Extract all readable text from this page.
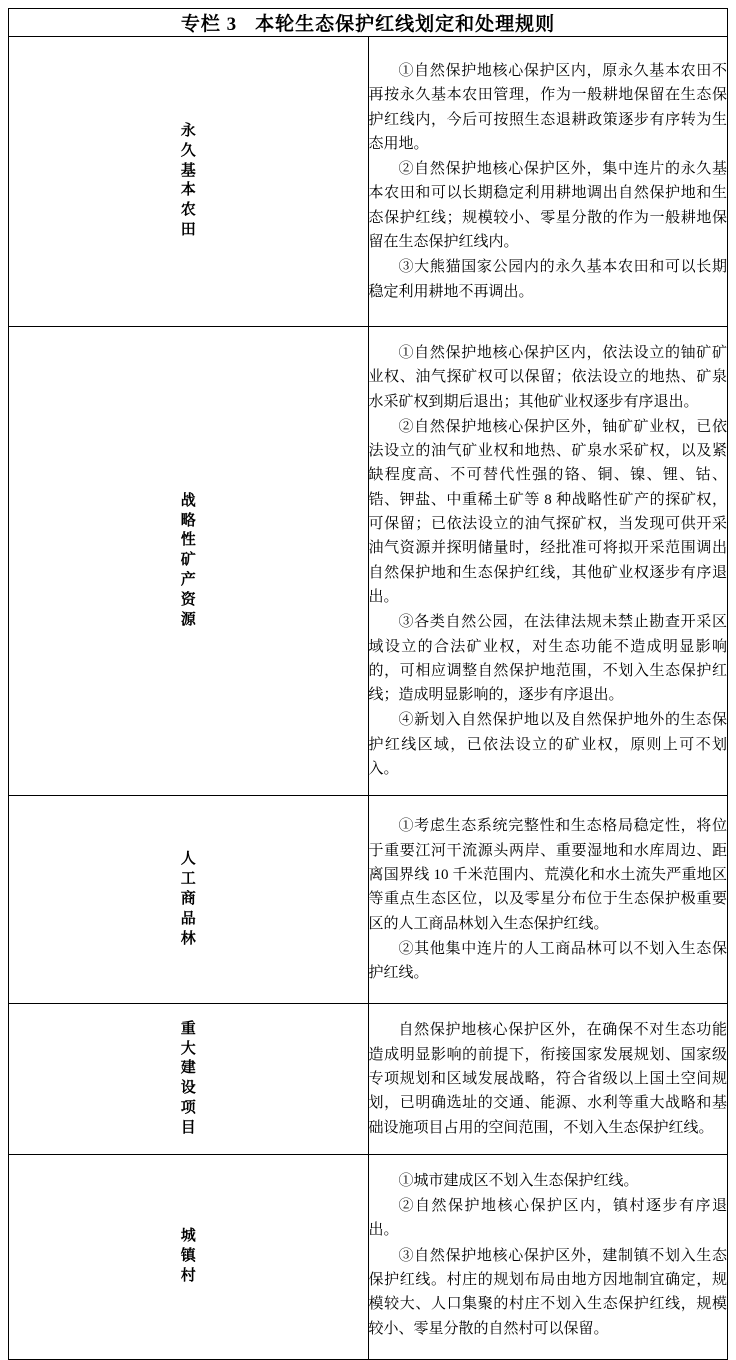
专栏 3 本轮生态保护红线划定和处理规则	
永久基本农田	①自然保护地核心保护区内，原永久基本农田不再按永久基本农田管理，作为一般耕地保留在生态保护红线内，今后可按照生态退耕政策逐步有序转为生态用地。

②自然保护地核心保护区外，集中连片的永久基本农田和可以长期稳定利用耕地调出自然保护地和生态保护红线；规模较小、零星分散的作为一般耕地保留在生态保护红线内。

③大熊猫国家公园内的永久基本农田和可以长期稳定利用耕地不再调出。

战略性矿产资源	①自然保护地核心保护区内，依法设立的铀矿矿业权、油气探矿权可以保留；依法设立的地热、矿泉水采矿权到期后退出；其他矿业权逐步有序退出。

②自然保护地核心保护区外，铀矿矿业权，已依法设立的油气矿业权和地热、矿泉水采矿权，以及紧缺程度高、不可替代性强的铬、铜、镍、锂、钴、锆、钾盐、中重稀土矿等 8 种战略性矿产的探矿权，可保留；已依法设立的油气探矿权，当发现可供开采油气资源并探明储量时，经批准可将拟开采范围调出自然保护地和生态保护红线，其他矿业权逐步有序退出。

③各类自然公园，在法律法规未禁止勘查开采区域设立的合法矿业权，对生态功能不造成明显影响的，可相应调整自然保护地范围，不划入生态保护红线；造成明显影响的，逐步有序退出。

④新划入自然保护地以及自然保护地外的生态保护红线区域，已依法设立的矿业权，原则上可不划入。

人工商品林	①考虑生态系统完整性和生态格局稳定性，将位于重要江河干流源头两岸、重要湿地和水库周边、距离国界线 10 千米范围内、荒漠化和水土流失严重地区等重点生态区位，以及零星分布位于生态保护极重要区的人工商品林划入生态保护红线。

②其他集中连片的人工商品林可以不划入生态保护红线。

重大建设项目	自然保护地核心保护区外，在确保不对生态功能造成明显影响的前提下，衔接国家发展规划、国家级专项规划和区域发展战略，符合省级以上国土空间规划，已明确选址的交通、能源、水利等重大战略和基础设施项目占用的空间范围，不划入生态保护红线。

城镇村	①城市建成区不划入生态保护红线。

②自然保护地核心保护区内，镇村逐步有序退出。

③自然保护地核心保护区外，建制镇不划入生态保护红线。村庄的规划布局由地方因地制宜确定，规模较大、人口集聚的村庄不划入生态保护红线，规模较小、零星分散的自然村可以保留。
